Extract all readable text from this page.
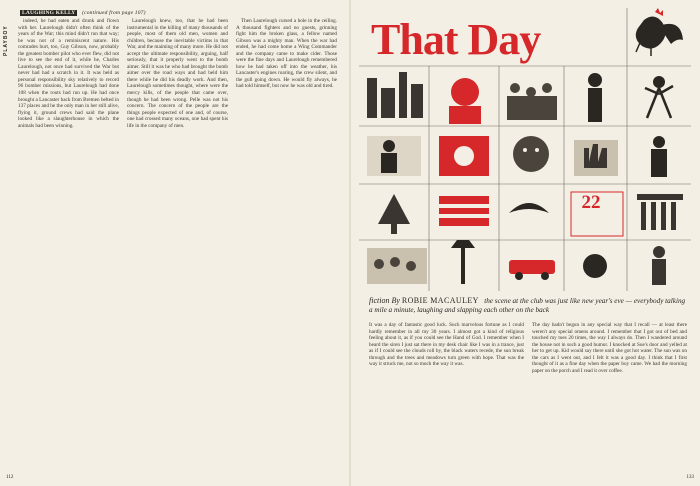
LAUGHING KELLY (continued from page 107)
PLAYBOY

indeed, he had eaten and drunk and flown with her. Laurelough didn't often think of the years of the War; this mind didn't run that way; he was not of a reminiscent nature. His comrades hurt, too, Guy Gibson, now, probably the greatest bomber pilot who ever flew, did not live to see the end of it, while he, Charles Laurelough, not once had survived the War but never had had a scratch in it. It was held as personal responsibility sky relatively to record 96 bomber missions, but Laurelough had done 108 when the roots had run up. He had once brought a Lancaster back from Bremen belted in 137 places and he the only man in her still alive, flying it, ground crews had said the plane looked like a slaughterhouse in which the animals had been winning.

Laurelough knew, too, that he had been instrumental in the killing of many thousands of people, most of them old men, women and children, because the inevitable victims in that War, and the maiming of many more. He did not accept the ultimate responsibility, arguing, half seriously, that it properly went to the bomb aimer. Still it was he who had brought the bomb aimer over the road ways and had held him there while he did his deadly work. And then, Laurelough sometimes thought, where were the mercy kills, of the people that came over, though he had been wrong. Pelle was not his concern. The concern of the people are the things people expected of one and, of course, one had crossed many oceans, one had spent his life in the company of men.

Then Laurelough cursed a hole in the ceiling. A thousand fighters and no guests, grinning fight him the broken glass, a fellow named Gibson was a mighty man. When the war had ended, he had come home a Wing Commander and the company came to make cider. Those were the fine days and Laurelough remembered how he had taken off into the weather, his Lancaster's engines roaring, the crew silent, and the gull going down. He would fly always, he had told himself, but now he was old and tired.

112
That Day
22
fiction By ROBIE MACAULEY the scene at the club was just like new year's eve — everybody talking a mile a minute, laughing and slapping each other on the back
It was a day of fantastic good luck. Such marvelous fortune as I could hardly remember in all my 30 years. I almost got a kind of religious feeling about it, as if you could see the Hand of God. I remember when I heard the siren I just sat there in my desk chair like I was in a trance, just as if I could see the clouds roll by, the black waters recede, the sun break through and the trees and meadows turn green with hope. That was the way it struck me, not so much the way it was.
The day hadn't begun in any special way that I recall — at least there weren't any special omens around. I remember that I got out of bed and touched my toes 20 times, the way I always do. Then I wandered around the house not in such a good humor. I knocked at Sue's door and yelled at her to get up. Kid would say there until she got hot water. The sun was on the cars as I went out, and I felt it was a good day. I think that I first thought of it as a fine day when the paper boy came. We had the morning paper on the porch and I read it over coffee.
133
